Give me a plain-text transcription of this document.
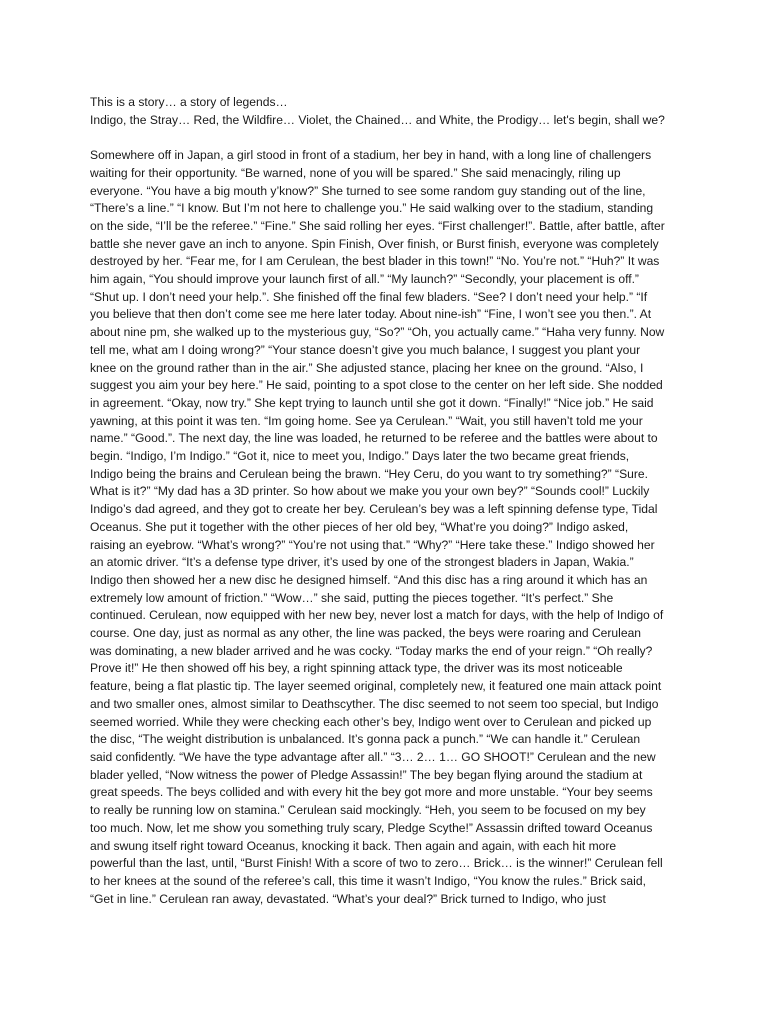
This is a story… a story of legends…

Indigo, the Stray… Red, the Wildfire… Violet, the Chained… and White, the Prodigy… let's begin, shall we?

Somewhere off in Japan, a girl stood in front of a stadium, her bey in hand, with a long line of challengers waiting for their opportunity. “Be warned, none of you will be spared.” She said menacingly, riling up everyone. “You have a big mouth y’know?” She turned to see some random guy standing out of the line, “There’s a line.” “I know. But I’m not here to challenge you.” He said walking over to the stadium, standing on the side, “I’ll be the referee.” “Fine.” She said rolling her eyes. “First challenger!”. Battle, after battle, after battle she never gave an inch to anyone. Spin Finish, Over finish, or Burst finish, everyone was completely destroyed by her. “Fear me, for I am Cerulean, the best blader in this town!” “No. You’re not.” “Huh?” It was him again, “You should improve your launch first of all.” “My launch?” “Secondly, your placement is off.” “Shut up. I don’t need your help.”. She finished off the final few bladers. “See? I don’t need your help.” “If you believe that then don’t come see me here later today. About nine-ish” “Fine, I won’t see you then.”. At about nine pm, she walked up to the mysterious guy, “So?” “Oh, you actually came.” “Haha very funny. Now tell me, what am I doing wrong?” “Your stance doesn’t give you much balance, I suggest you plant your knee on the ground rather than in the air.” She adjusted stance, placing her knee on the ground. “Also, I suggest you aim your bey here.” He said, pointing to a spot close to the center on her left side. She nodded in agreement. “Okay, now try.” She kept trying to launch until she got it down. “Finally!” “Nice job.” He said yawning, at this point it was ten. “Im going home. See ya Cerulean.” “Wait, you still haven’t told me your name.” “Good.”. The next day, the line was loaded, he returned to be referee and the battles were about to begin. “Indigo, I’m Indigo.” “Got it, nice to meet you, Indigo.” Days later the two became great friends, Indigo being the brains and Cerulean being the brawn. “Hey Ceru, do you want to try something?” “Sure. What is it?” “My dad has a 3D printer. So how about we make you your own bey?” “Sounds cool!” Luckily Indigo’s dad agreed, and they got to create her bey. Cerulean’s bey was a left spinning defense type, Tidal Oceanus. She put it together with the other pieces of her old bey, “What’re you doing?” Indigo asked, raising an eyebrow. “What’s wrong?” “You’re not using that.” “Why?” “Here take these.” Indigo showed her an atomic driver. “It’s a defense type driver, it’s used by one of the strongest bladers in Japan, Wakia.” Indigo then showed her a new disc he designed himself. “And this disc has a ring around it which has an extremely low amount of friction.” “Wow…” she said, putting the pieces together. “It’s perfect.” She continued. Cerulean, now equipped with her new bey, never lost a match for days, with the help of Indigo of course. One day, just as normal as any other, the line was packed, the beys were roaring and Cerulean was dominating, a new blader arrived and he was cocky. “Today marks the end of your reign.” “Oh really? Prove it!” He then showed off his bey, a right spinning attack type, the driver was its most noticeable feature, being a flat plastic tip. The layer seemed original, completely new, it featured one main attack point and two smaller ones, almost similar to Deathscyther. The disc seemed to not seem too special, but Indigo seemed worried. While they were checking each other’s bey, Indigo went over to Cerulean and picked up the disc, “The weight distribution is unbalanced. It’s gonna pack a punch.” “We can handle it.” Cerulean said confidently. “We have the type advantage after all.” “3… 2… 1… GO SHOOT!” Cerulean and the new blader yelled, “Now witness the power of Pledge Assassin!” The bey began flying around the stadium at great speeds. The beys collided and with every hit the bey got more and more unstable. “Your bey seems to really be running low on stamina.” Cerulean said mockingly. “Heh, you seem to be focused on my bey too much. Now, let me show you something truly scary, Pledge Scythe!” Assassin drifted toward Oceanus and swung itself right toward Oceanus, knocking it back. Then again and again, with each hit more powerful than the last, until, “Burst Finish! With a score of two to zero… Brick… is the winner!” Cerulean fell to her knees at the sound of the referee’s call, this time it wasn’t Indigo, “You know the rules.” Brick said, “Get in line.” Cerulean ran away, devastated. “What’s your deal?” Brick turned to Indigo, who just
